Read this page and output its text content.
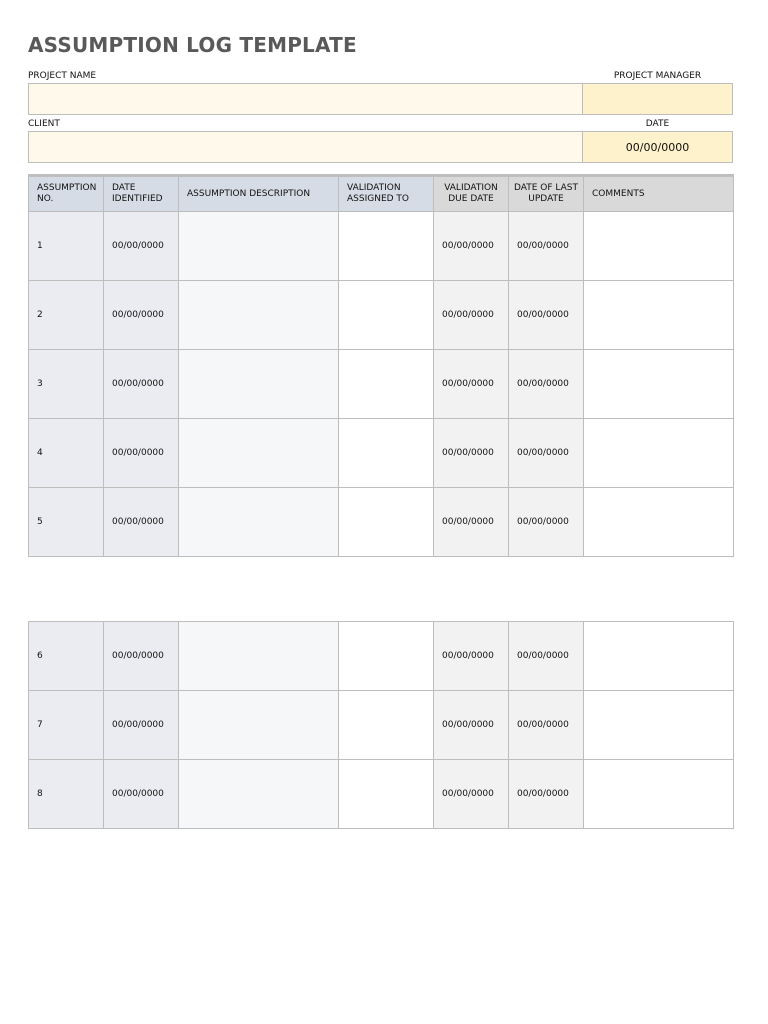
ASSUMPTION LOG TEMPLATE
PROJECT NAME	PROJECT MANAGER
CLIENT	DATE
00/00/0000
ASSUMPTION NO.	DATE IDENTIFIED	ASSUMPTION DESCRIPTION	VALIDATION ASSIGNED TO	VALIDATION DUE DATE	DATE OF LAST UPDATE	COMMENTS
1	00/00/0000			00/00/0000	00/00/0000	
2	00/00/0000			00/00/0000	00/00/0000	
3	00/00/0000			00/00/0000	00/00/0000	
4	00/00/0000			00/00/0000	00/00/0000	
5	00/00/0000			00/00/0000	00/00/0000	
6	00/00/0000			00/00/0000	00/00/0000	
7	00/00/0000			00/00/0000	00/00/0000	
8	00/00/0000			00/00/0000	00/00/0000	
